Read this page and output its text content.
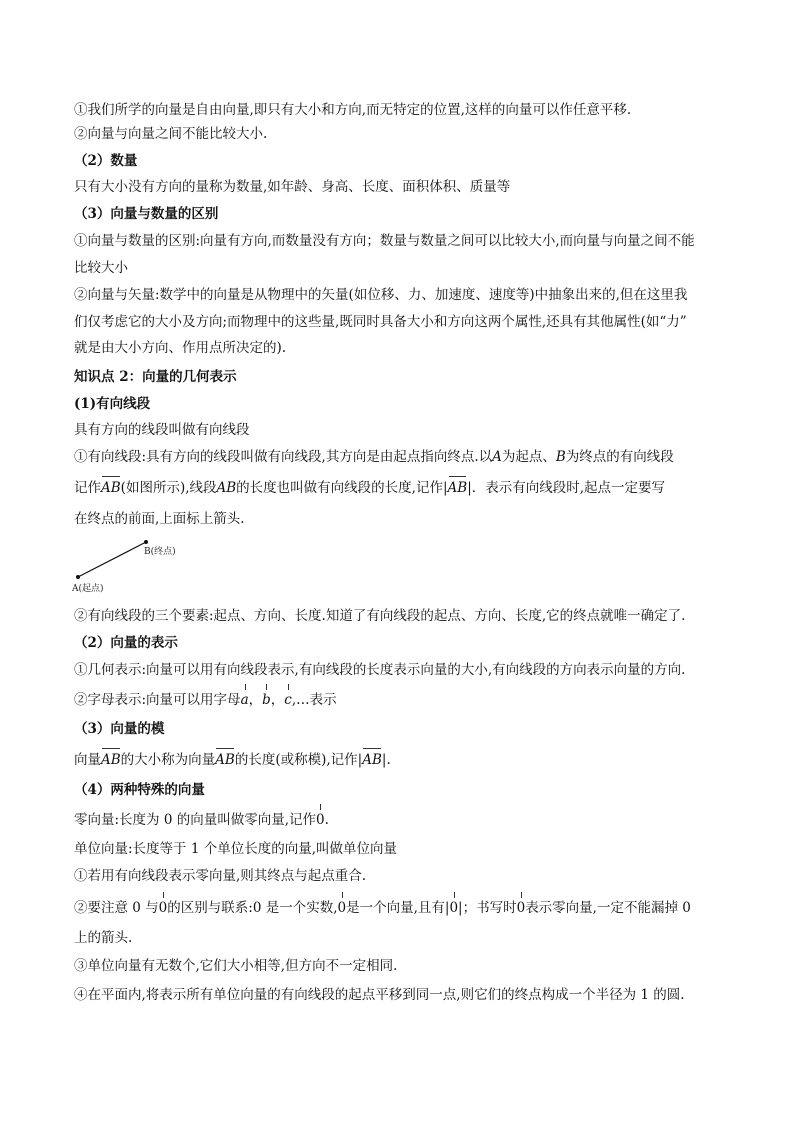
①我们所学的向量是自由向量,即只有大小和方向,而无特定的位置,这样的向量可以作任意平移.
②向量与向量之间不能比较大小.
（2）数量
只有大小没有方向的量称为数量,如年龄、身高、长度、面积体积、质量等
（3）向量与数量的区别
①向量与数量的区别:向量有方向,而数量没有方向；数量与数量之间可以比较大小,而向量与向量之间不能
比较大小
②向量与矢量:数学中的向量是从物理中的矢量(如位移、力、加速度、速度等)中抽象出来的,但在这里我
们仅考虑它的大小及方向;而物理中的这些量,既同时具备大小和方向这两个属性,还具有其他属性(如“力”
就是由大小方向、作用点所决定的).
知识点 2：向量的几何表示
(1)有向线段
具有方向的线段叫做有向线段
①有向线段:具有方向的线段叫做有向线段,其方向是由起点指向终点.以A为起点、B为终点的有向线段
记作AB(如图所示),线段AB的长度也叫做有向线段的长度,记作|AB|．表示有向线段时,起点一定要写
在终点的前面,上面标上箭头.
B(终点)
A(起点)
②有向线段的三个要素:起点、方向、长度.知道了有向线段的起点、方向、长度,它的终点就唯一确定了.
（2）向量的表示
①几何表示:向量可以用有向线段表示,有向线段的长度表示向量的大小,有向线段的方向表示向量的方向.
②字母表示:向量可以用字母a，b，c,…表示
（3）向量的模
向量AB的大小称为向量AB的长度(或称模),记作|AB|.
（4）两种特殊的向量
零向量:长度为 0 的向量叫做零向量,记作0.
单位向量:长度等于 1 个单位长度的向量,叫做单位向量
①若用有向线段表示零向量,则其终点与起点重合.
②要注意 0 与0的区别与联系:0 是一个实数,0是一个向量,且有|0|；书写时0表示零向量,一定不能漏掉 0
上的箭头.
③单位向量有无数个,它们大小相等,但方向不一定相同.
④在平面内,将表示所有单位向量的有向线段的起点平移到同一点,则它们的终点构成一个半径为 1 的圆.
